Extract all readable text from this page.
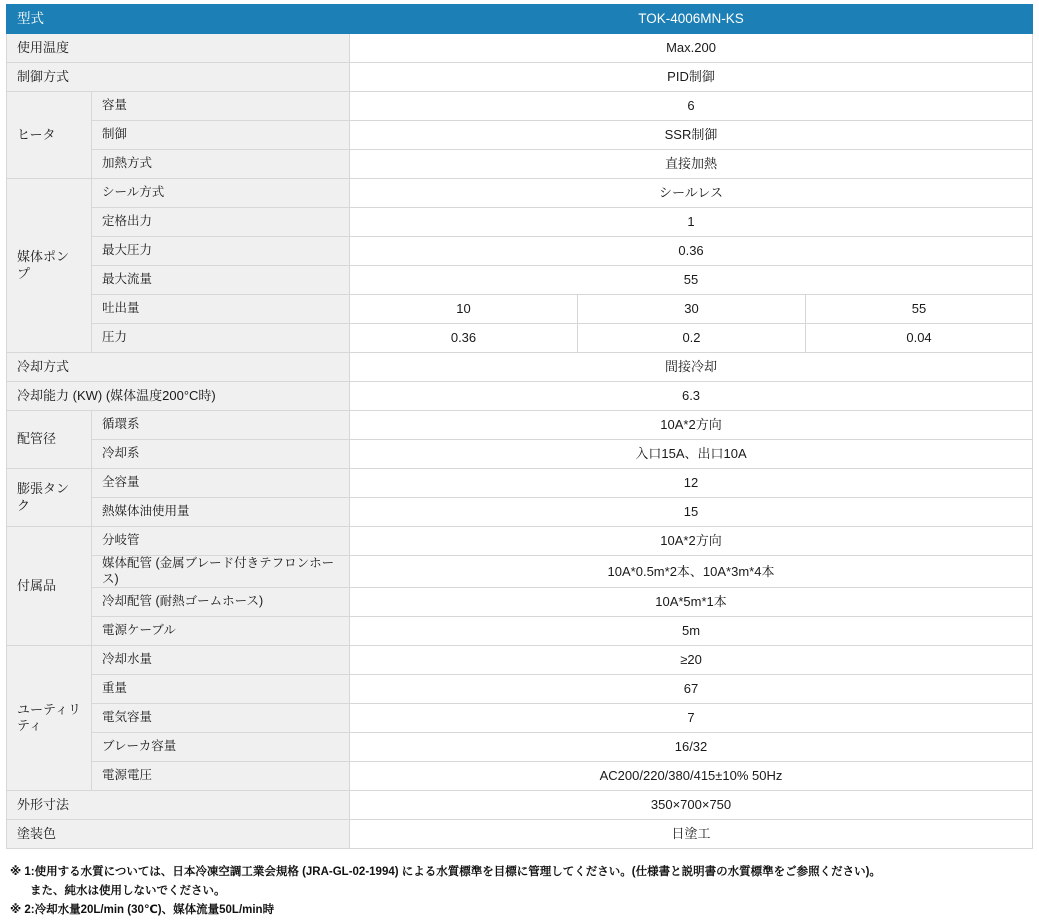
型式		TOK-4006MN-KS		
使用温度		Max.200		
制御方式		PID制御		
ヒータ	容量	6		
	制御	SSR制御		
	加熱方式	直接加熱		
媒体ポンプ	シール方式	シールレス		
	定格出力	1		
	最大圧力	0.36		
	最大流量	55		
	吐出量	10	30	55
	圧力	0.36	0.2	0.04
冷却方式		間接冷却		
冷却能力 (KW) (媒体温度200°C時)		6.3		
配管径	循環系	10A*2方向		
	冷却系	入口15A、出口10A		
膨張タンク	全容量	12		
	熱媒体油使用量	15		
付属品	分岐管	10A*2方向		
	媒体配管 (金属ブレード付きテフロンホース)	10A*0.5m*2本、10A*3m*4本		
	冷却配管 (耐熱ゴームホース)	10A*5m*1本		
	電源ケーブル	5m		
ユーティリティ	冷却水量	≥20		
	重量	67		
	電気容量	7		
	ブレーカ容量	16/32		
	電源電圧	AC200/220/380/415±10% 50Hz		
外形寸法		350×700×750		
塗装色		日塗工		
※ 1:使用する水質については、日本冷凍空調工業会規格 (JRA-GL-02-1994) による水質標準を目標に管理してください。(仕様書と説明書の水質標準をご参照ください)。
また、純水は使用しないでください。
※ 2:冷却水量20L/min (30℃)、媒体流量50L/min時
